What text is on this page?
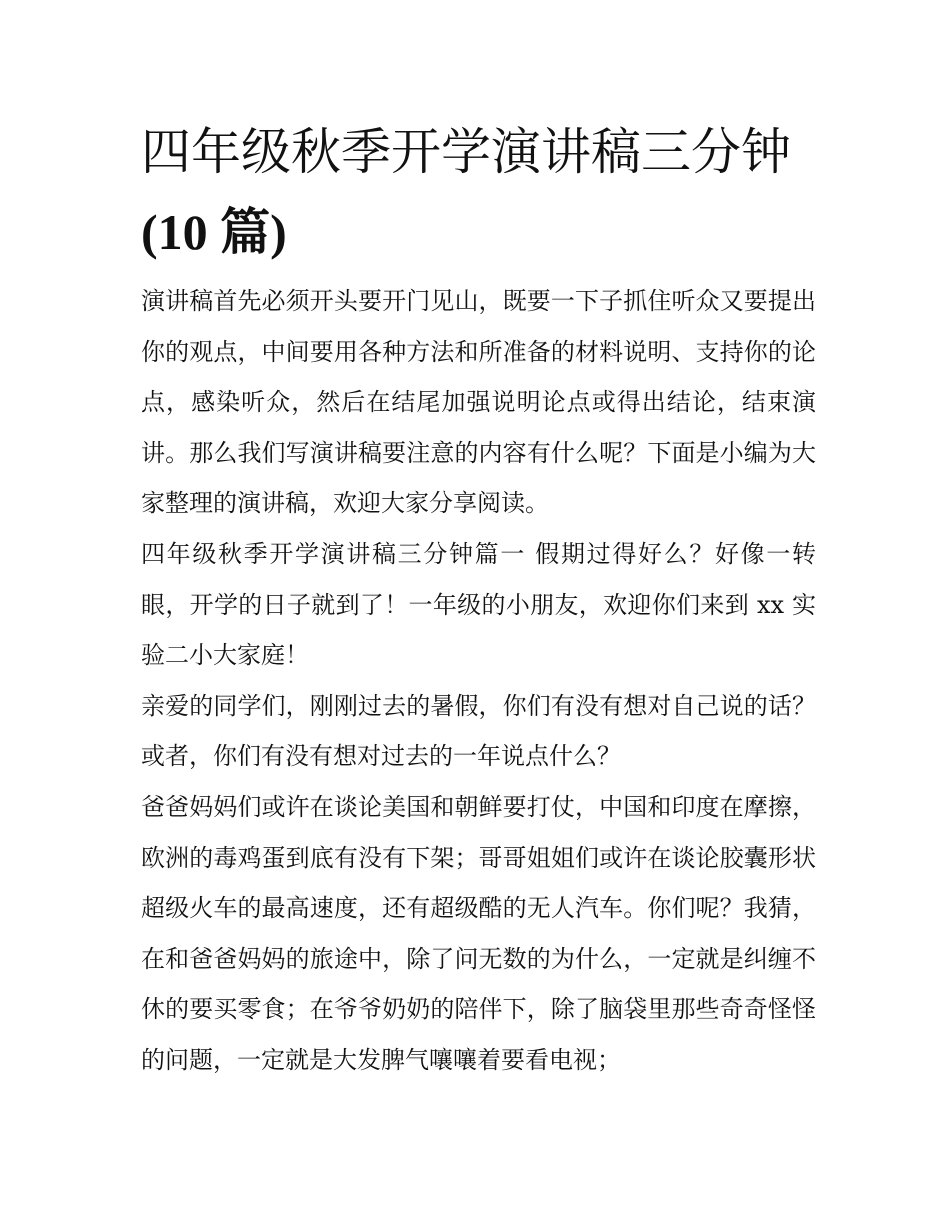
四年级秋季开学演讲稿三分钟
(10 篇)

演讲稿首先必须开头要开门见山，既要一下子抓住听众又要提出你的观点，中间要用各种方法和所准备的材料说明、支持你的论点，感染听众，然后在结尾加强说明论点或得出结论，结束演讲。那么我们写演讲稿要注意的内容有什么呢？下面是小编为大家整理的演讲稿，欢迎大家分享阅读。

四年级秋季开学演讲稿三分钟篇一 假期过得好么？好像一转眼，开学的日子就到了！一年级的小朋友，欢迎你们来到 xx 实验二小大家庭！

亲爱的同学们，刚刚过去的暑假，你们有没有想对自己说的话？或者，你们有没有想对过去的一年说点什么？

爸爸妈妈们或许在谈论美国和朝鲜要打仗，中国和印度在摩擦，欧洲的毒鸡蛋到底有没有下架；哥哥姐姐们或许在谈论胶囊形状超级火车的最高速度，还有超级酷的无人汽车。你们呢？我猜，在和爸爸妈妈的旅途中，除了问无数的为什么，一定就是纠缠不休的要买零食；在爷爷奶奶的陪伴下，除了脑袋里那些奇奇怪怪的问题，一定就是大发脾气嚷嚷着要看电视；
